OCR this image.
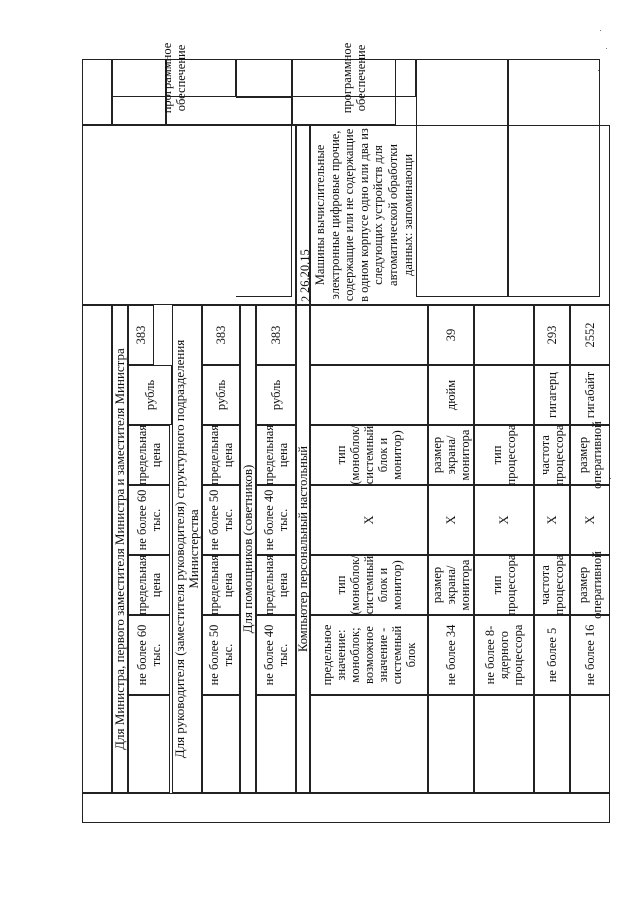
программное обеспечение	программное обеспечение
Для Министра, первого заместителя Министра и заместителя Министра
383
рубль
предельная цена
не более 60 тыс.
предельная цена
не более 60 тыс. Для руководителя (заместителя руководителя) структурного подразделения Министерства
383
рубль
предельная цена
не более 50 тыс.
предельная цена
не более 50 тыс.
Для помощников (советников)
383
рубль
предельная цена
не более 40 тыс.
предельная цена
не более 40 тыс.
2
26.20.15 Машины вычислительные электронные цифровые прочие, содержащие или не содержащие в одном корпусе одно или два из следующих устройств для автоматической обработки данных: запоминающи
Компьютер персональный настольный	тип (моноблок/системный блок и монитор)
X
тип (моноблок/системный блок и монитор)
предельное значение: моноблок; возможное значение - системный блок
39
дюйм
размер экрана/монитора
X
размер экрана/монитора
не более 34
тип процессора
X
тип процессора
не более 8-ядерного процессора
293
гигагерц
частота процессора
X
частота процессора
не более 5
2552
гигабайт
размер оперативной
X
размер оперативной
не более 16
